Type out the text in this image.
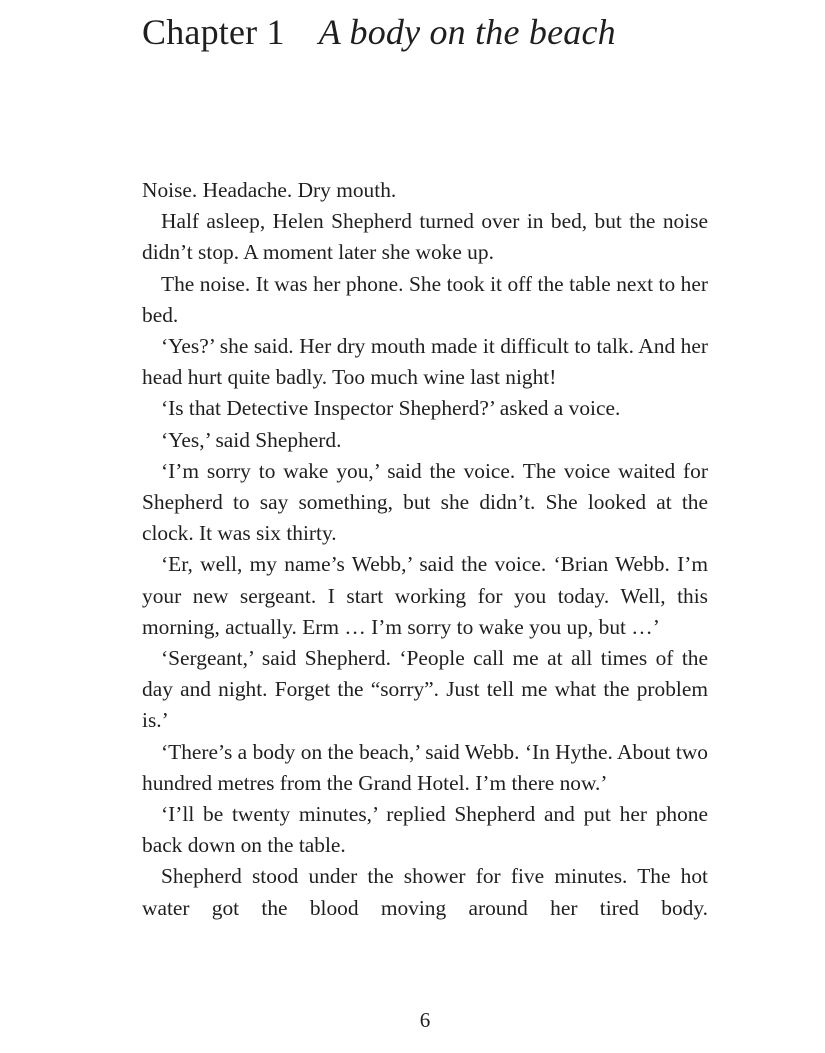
Chapter 1 A body on the beach

Noise. Headache. Dry mouth.

Half asleep, Helen Shepherd turned over in bed, but the noise didn’t stop. A moment later she woke up.

The noise. It was her phone. She took it off the table next to her bed.

‘Yes?’ she said. Her dry mouth made it difficult to talk. And her head hurt quite badly. Too much wine last night!

‘Is that Detective Inspector Shepherd?’ asked a voice.

‘Yes,’ said Shepherd.

‘I’m sorry to wake you,’ said the voice. The voice waited for Shepherd to say something, but she didn’t. She looked at the clock. It was six thirty.

‘Er, well, my name’s Webb,’ said the voice. ‘Brian Webb. I’m your new sergeant. I start working for you today. Well, this morning, actually. Erm … I’m sorry to wake you up, but …’

‘Sergeant,’ said Shepherd. ‘People call me at all times of the day and night. Forget the “sorry”. Just tell me what the problem is.’

‘There’s a body on the beach,’ said Webb. ‘In Hythe. About two hundred metres from the Grand Hotel. I’m there now.’

‘I’ll be twenty minutes,’ replied Shepherd and put her phone back down on the table.

Shepherd stood under the shower for five minutes. The hot water got the blood moving around her tired body.

6
